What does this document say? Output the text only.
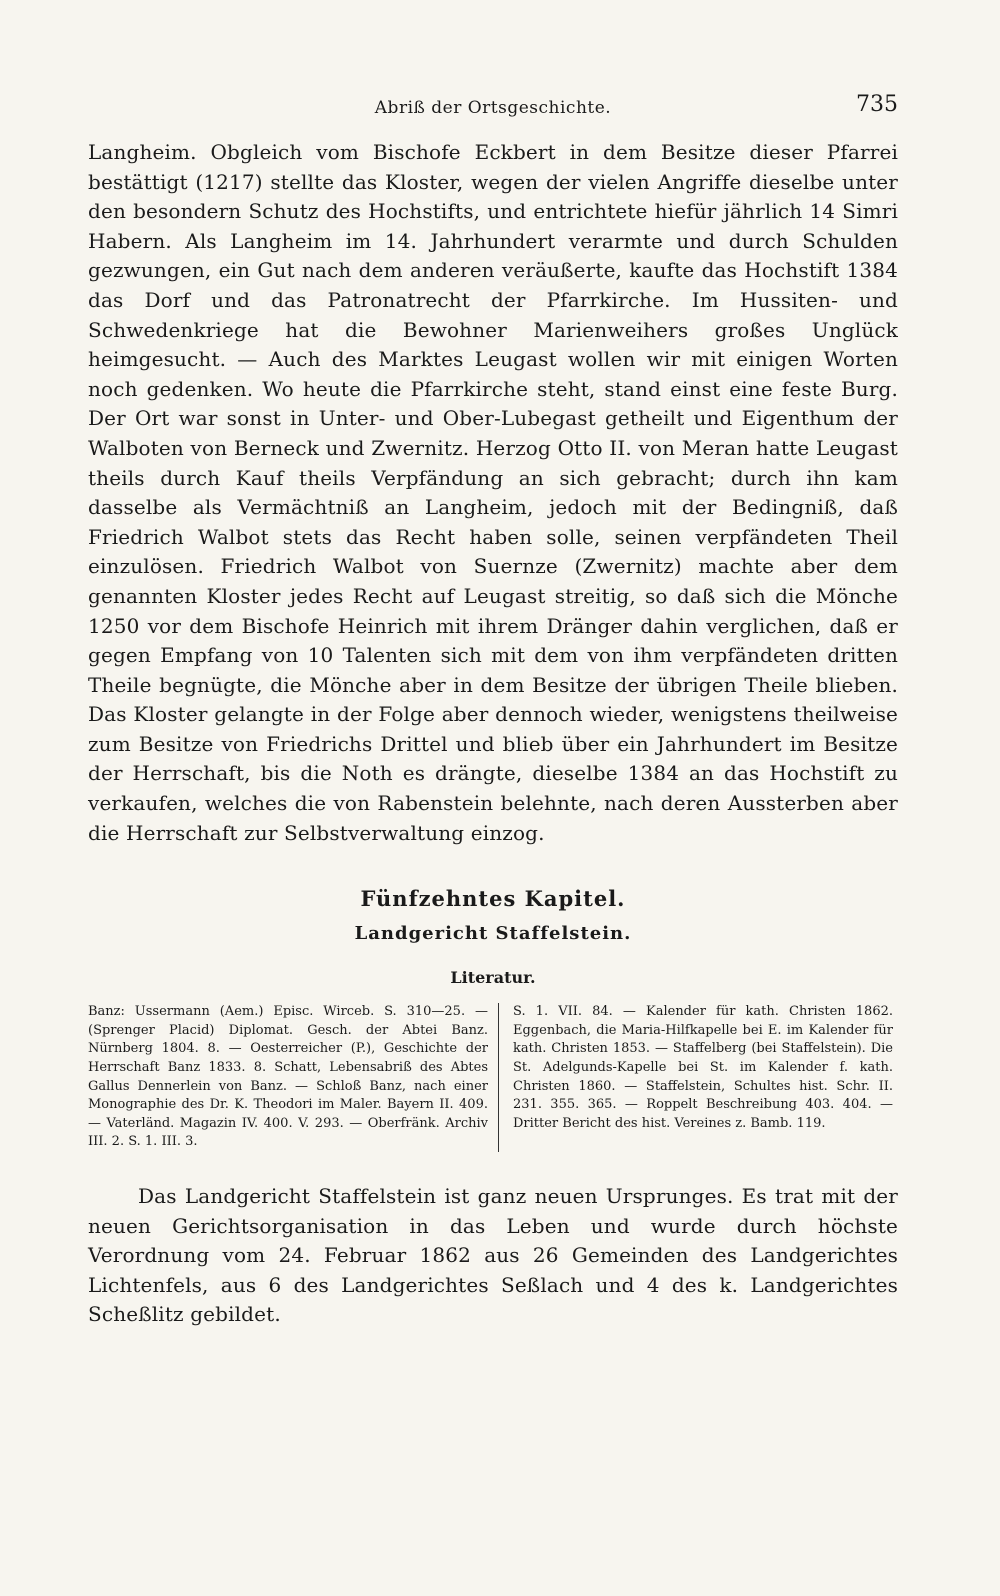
Abriß der Ortsgeschichte.	735

Langheim. Obgleich vom Bischofe Eckbert in dem Besitze dieser Pfarrei bestättigt (1217) stellte das Kloster, wegen der vielen Angriffe dieselbe unter den besondern Schutz des Hochstifts, und entrichtete hiefür jährlich 14 Simri Habern. Als Langheim im 14. Jahrhundert verarmte und durch Schulden gezwungen, ein Gut nach dem anderen veräußerte, kaufte das Hochstift 1384 das Dorf und das Patronatrecht der Pfarrkirche. Im Hussiten- und Schwedenkriege hat die Bewohner Marienweihers großes Unglück heimgesucht. — Auch des Marktes Leugast wollen wir mit einigen Worten noch gedenken. Wo heute die Pfarrkirche steht, stand einst eine feste Burg. Der Ort war sonst in Unter- und Ober-Lubegast getheilt und Eigenthum der Walboten von Berneck und Zwernitz. Herzog Otto II. von Meran hatte Leugast theils durch Kauf theils Verpfändung an sich gebracht; durch ihn kam dasselbe als Vermächtniß an Langheim, jedoch mit der Bedingniß, daß Friedrich Walbot stets das Recht haben solle, seinen verpfändeten Theil einzulösen. Friedrich Walbot von Suernze (Zwernitz) machte aber dem genannten Kloster jedes Recht auf Leugast streitig, so daß sich die Mönche 1250 vor dem Bischofe Heinrich mit ihrem Dränger dahin verglichen, daß er gegen Empfang von 10 Talenten sich mit dem von ihm verpfändeten dritten Theile begnügte, die Mönche aber in dem Besitze der übrigen Theile blieben. Das Kloster gelangte in der Folge aber dennoch wieder, wenigstens theilweise zum Besitze von Friedrichs Drittel und blieb über ein Jahrhundert im Besitze der Herrschaft, bis die Noth es drängte, dieselbe 1384 an das Hochstift zu verkaufen, welches die von Rabenstein belehnte, nach deren Aussterben aber die Herrschaft zur Selbstverwaltung einzog.

Fünfzehntes Kapitel.
Landgericht Staffelstein.
Literatur.
Banz: Ussermann (Aem.) Episc. Wirceb. S. 310—25. — (Sprenger Placid) Diplomat. Gesch. der Abtei Banz. Nürnberg 1804. 8. — Oesterreicher (P.), Geschichte der Herrschaft Banz 1833. 8. Schatt, Lebensabriß des Abtes Gallus Dennerlein von Banz. — Schloß Banz, nach einer Monographie des Dr. K. Theodori im Maler. Bayern II. 409. — Vaterländ. Magazin IV. 400. V. 293. — Oberfränk. Archiv III. 2. S. 1. III. 3.
S. 1. VII. 84. — Kalender für kath. Christen 1862. Eggenbach, die Maria-Hilfkapelle bei E. im Kalender für kath. Christen 1853. — Staffelberg (bei Staffelstein). Die St. Adelgunds-Kapelle bei St. im Kalender f. kath. Christen 1860. — Staffelstein, Schultes hist. Schr. II. 231. 355. 365. — Roppelt Beschreibung 403. 404. — Dritter Bericht des hist. Vereines z. Bamb. 119.

Das Landgericht Staffelstein ist ganz neuen Ursprunges. Es trat mit der neuen Gerichtsorganisation in das Leben und wurde durch höchste Verordnung vom 24. Februar 1862 aus 26 Gemeinden des Landgerichtes Lichtenfels, aus 6 des Landgerichtes Seßlach und 4 des k. Landgerichtes Scheßlitz gebildet.
